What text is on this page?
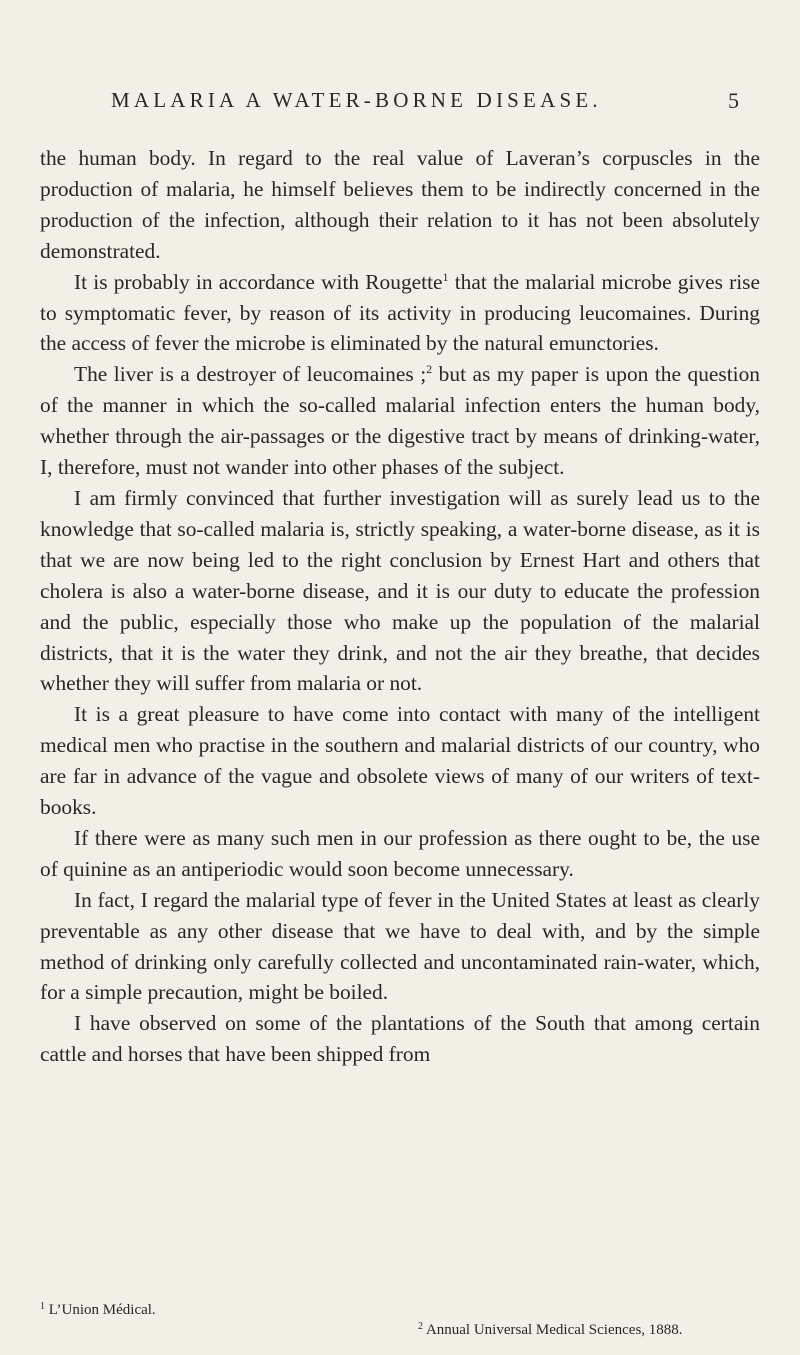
MALARIA A WATER-BORNE DISEASE.	5

the human body. In regard to the real value of Laveran’s corpuscles in the production of malaria, he himself believes them to be indirectly concerned in the production of the infection, although their relation to it has not been absolutely demonstrated.

It is probably in accordance with Rougette$^1$ that the malarial microbe gives rise to symptomatic fever, by reason of its activity in producing leucomaines. During the access of fever the microbe is eliminated by the natural emunctories.

The liver is a destroyer of leucomaines ;$^2$ but as my paper is upon the question of the manner in which the so-called malarial infection enters the human body, whether through the air-passages or the digestive tract by means of drinking-water, I, therefore, must not wander into other phases of the subject.

I am firmly convinced that further investigation will as surely lead us to the knowledge that so-called malaria is, strictly speaking, a water-borne disease, as it is that we are now being led to the right conclusion by Ernest Hart and others that cholera is also a water-borne disease, and it is our duty to educate the profession and the public, especially those who make up the population of the malarial districts, that it is the water they drink, and not the air they breathe, that decides whether they will suffer from malaria or not.

It is a great pleasure to have come into contact with many of the intelligent medical men who practise in the southern and malarial districts of our country, who are far in advance of the vague and obsolete views of many of our writers of text-books.

If there were as many such men in our profession as there ought to be, the use of quinine as an antiperiodic would soon become unnecessary.

In fact, I regard the malarial type of fever in the United States at least as clearly preventable as any other disease that we have to deal with, and by the simple method of drinking only carefully collected and uncontaminated rain-water, which, for a simple precaution, might be boiled.

I have observed on some of the plantations of the South that among certain cattle and horses that have been shipped from

$^1$ L’Union Médical.
$^2$ Annual Universal Medical Sciences, 1888.
